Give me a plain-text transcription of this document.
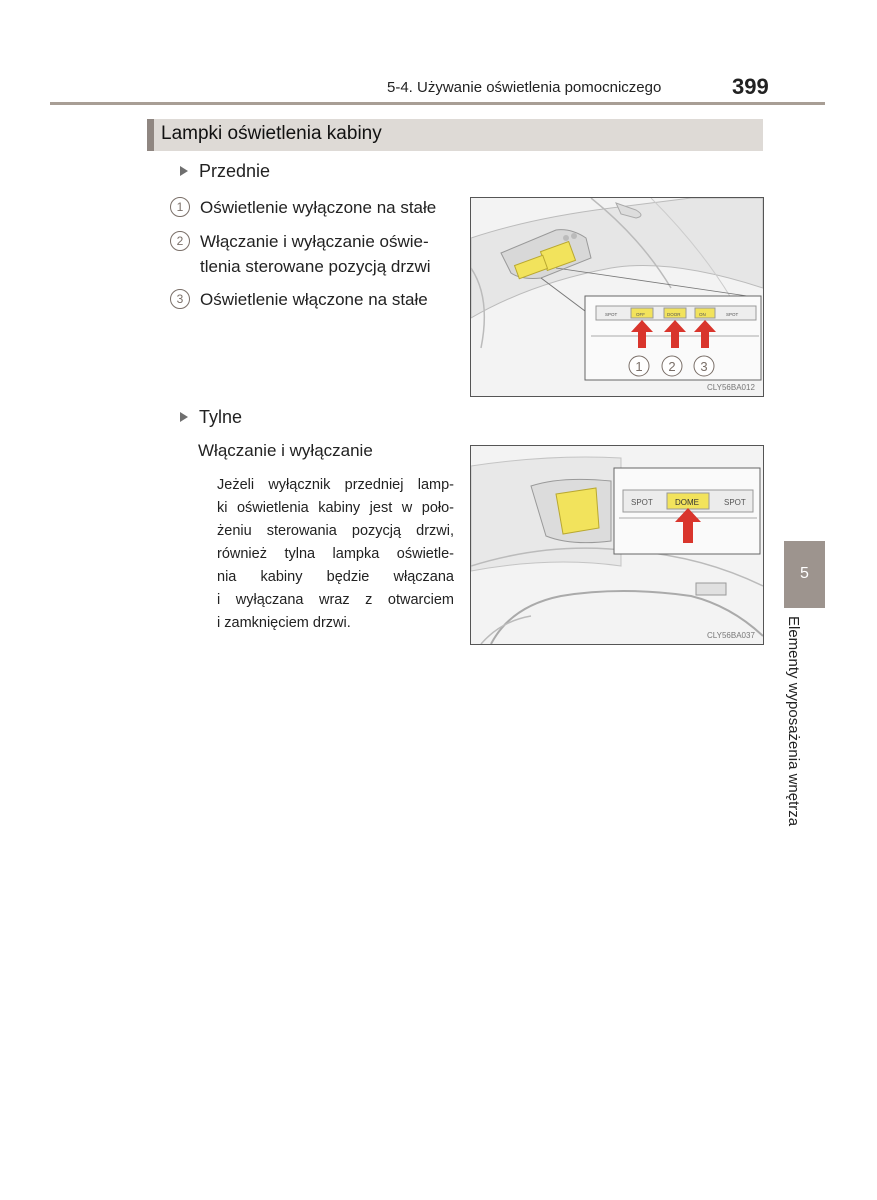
5-4. Używanie oświetlenia pomocniczego	399
Lampki oświetlenia kabiny
Przednie
1 Oświetlenie wyłączone na stałe
2 Włączanie i wyłączanie oświe-
tlenia sterowane pozycją drzwi
3 Oświetlenie włączone na stałe
SPOT	OFF	DOOR	ON	SPOT
1 2 3
CLY56BA012
Tylne
Włączanie i wyłączanie
Jeżeli wyłącznik przedniej lamp-
ki oświetlenia kabiny jest w poło-
żeniu sterowania pozycją drzwi,
również tylna lampka oświetle-
nia kabiny będzie włączana
i wyłączana wraz z otwarciem
i zamknięciem drzwi.
SPOT	DOME	SPOT
CLY56BA037
5
Elementy wyposażenia wnętrza
